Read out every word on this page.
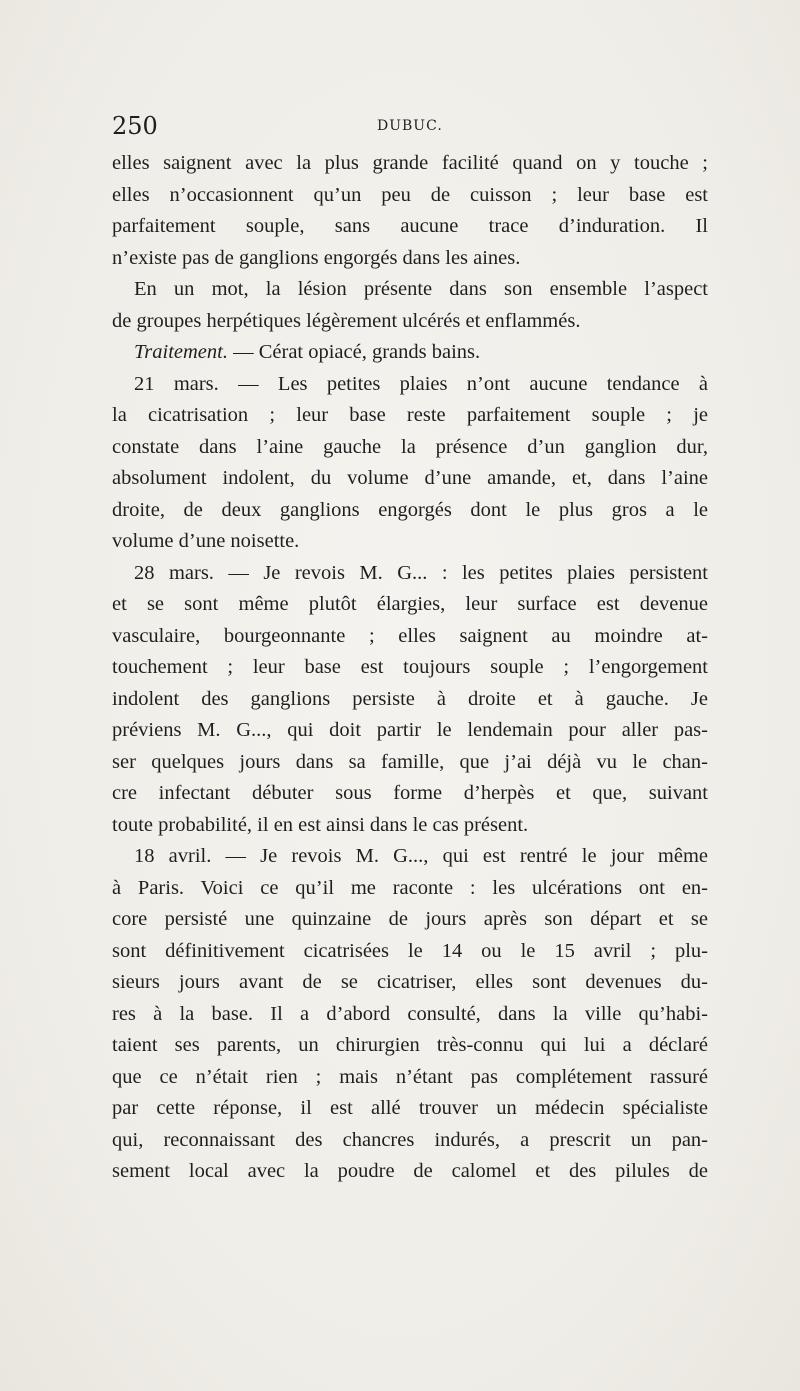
250	DUBUC.
elles saignent avec la plus grande facilité quand on y touche ;
elles n’occasionnent qu’un peu de cuisson ; leur base est
parfaitement souple, sans aucune trace d’induration. Il
n’existe pas de ganglions engorgés dans les aines.
En un mot, la lésion présente dans son ensemble l’aspect
de groupes herpétiques légèrement ulcérés et enflammés.
Traitement. — Cérat opiacé, grands bains.
21 mars. — Les petites plaies n’ont aucune tendance à
la cicatrisation ; leur base reste parfaitement souple ; je
constate dans l’aine gauche la présence d’un ganglion dur,
absolument indolent, du volume d’une amande, et, dans l’aine
droite, de deux ganglions engorgés dont le plus gros a le
volume d’une noisette.
28 mars. — Je revois M. G... : les petites plaies persistent
et se sont même plutôt élargies, leur surface est devenue
vasculaire, bourgeonnante ; elles saignent au moindre at-
touchement ; leur base est toujours souple ; l’engorgement
indolent des ganglions persiste à droite et à gauche. Je
préviens M. G..., qui doit partir le lendemain pour aller pas-
ser quelques jours dans sa famille, que j’ai déjà vu le chan-
cre infectant débuter sous forme d’herpès et que, suivant
toute probabilité, il en est ainsi dans le cas présent.
18 avril. — Je revois M. G..., qui est rentré le jour même
à Paris. Voici ce qu’il me raconte : les ulcérations ont en-
core persisté une quinzaine de jours après son départ et se
sont définitivement cicatrisées le 14 ou le 15 avril ; plu-
sieurs jours avant de se cicatriser, elles sont devenues du-
res à la base. Il a d’abord consulté, dans la ville qu’habi-
taient ses parents, un chirurgien très-connu qui lui a déclaré
que ce n’était rien ; mais n’étant pas complétement rassuré
par cette réponse, il est allé trouver un médecin spécialiste
qui, reconnaissant des chancres indurés, a prescrit un pan-
sement local avec la poudre de calomel et des pilules de
